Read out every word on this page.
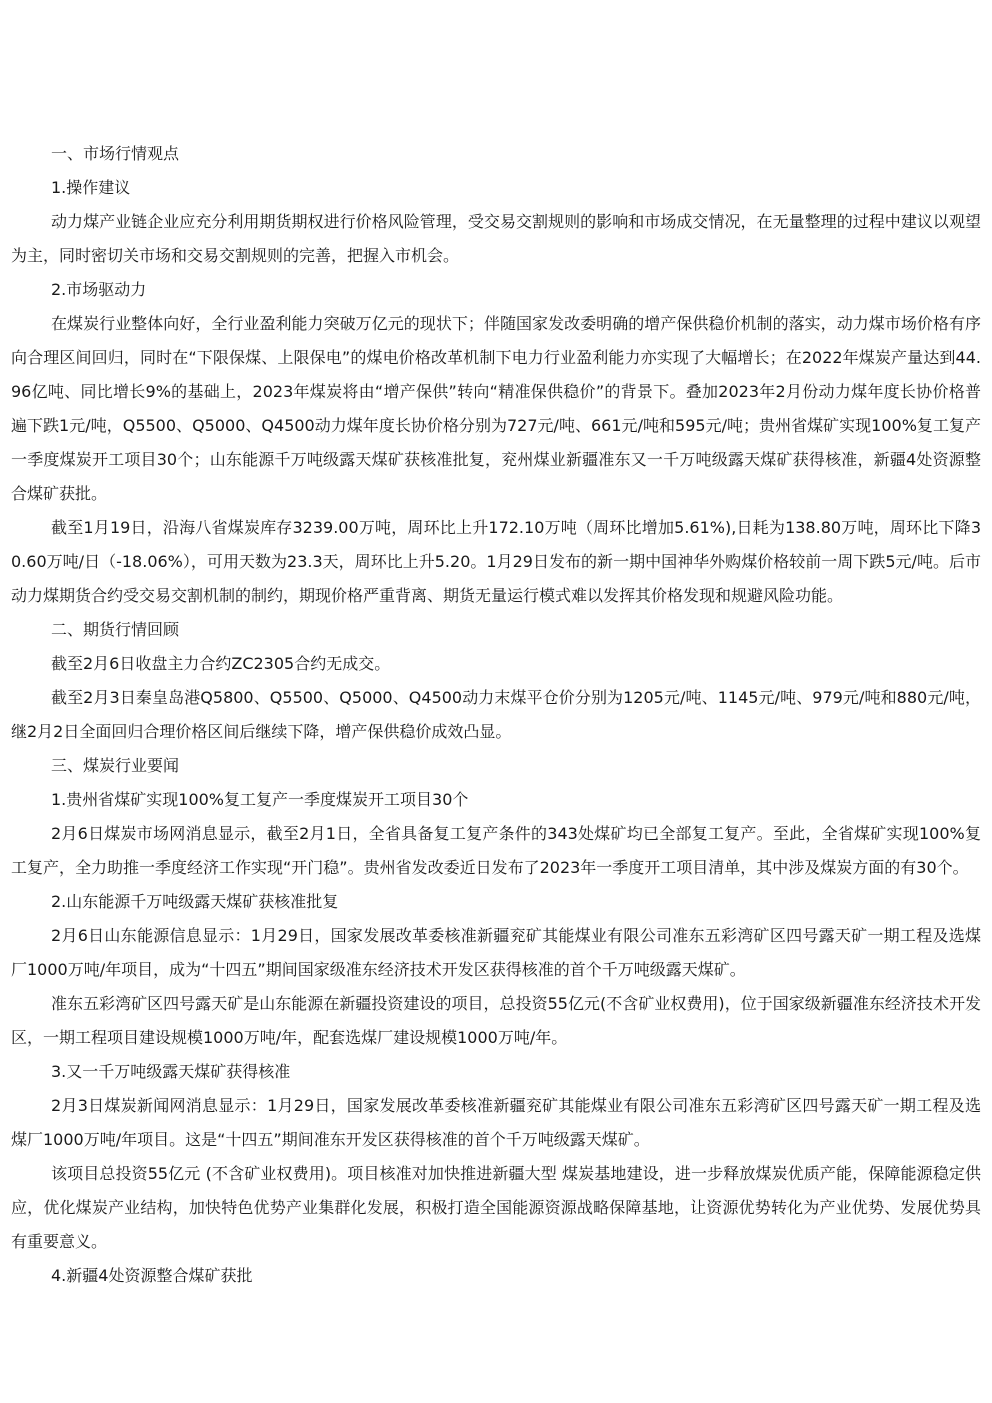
一、市场行情观点

1.操作建议

动力煤产业链企业应充分利用期货期权进行价格风险管理，受交易交割规则的影响和市场成交情况，在无量整理的过程中建议以观望为主，同时密切关市场和交易交割规则的完善，把握入市机会。

2.市场驱动力

在煤炭行业整体向好，全行业盈利能力突破万亿元的现状下；伴随国家发改委明确的增产保供稳价机制的落实，动力煤市场价格有序向合理区间回归，同时在“下限保煤、上限保电”的煤电价格改革机制下电力行业盈利能力亦实现了大幅增长；在2022年煤炭产量达到44.96亿吨、同比增长9%的基础上，2023年煤炭将由“增产保供”转向“精准保供稳价”的背景下。叠加2023年2月份动力煤年度长协价格普遍下跌1元/吨，Q5500、Q5000、Q4500动力煤年度长协价格分别为727元/吨、661元/吨和595元/吨；贵州省煤矿实现100%复工复产一季度煤炭开工项目30个；山东能源千万吨级露天煤矿获核准批复，兖州煤业新疆准东又一千万吨级露天煤矿获得核准，新疆4处资源整合煤矿获批。

截至1月19日，沿海八省煤炭库存3239.00万吨，周环比上升172.10万吨（周环比增加5.61%),日耗为138.80万吨，周环比下降30.60万吨/日（-18.06%），可用天数为23.3天，周环比上升5.20。1月29日发布的新一期中国神华外购煤价格较前一周下跌5元/吨。后市动力煤期货合约受交易交割机制的制约，期现价格严重背离、期货无量运行模式难以发挥其价格发现和规避风险功能。

二、期货行情回顾

截至2月6日收盘主力合约ZC2305合约无成交。

截至2月3日秦皇岛港Q5800、Q5500、Q5000、Q4500动力末煤平仓价分别为1205元/吨、1145元/吨、979元/吨和880元/吨，继2月2日全面回归合理价格区间后继续下降，增产保供稳价成效凸显。

三、煤炭行业要闻

1.贵州省煤矿实现100%复工复产一季度煤炭开工项目30个

2月6日煤炭市场网消息显示，截至2月1日，全省具备复工复产条件的343处煤矿均已全部复工复产。至此，全省煤矿实现100%复工复产，全力助推一季度经济工作实现“开门稳”。贵州省发改委近日发布了2023年一季度开工项目清单，其中涉及煤炭方面的有30个。

2.山东能源千万吨级露天煤矿获核准批复

2月6日山东能源信息显示：1月29日，国家发展改革委核准新疆兖矿其能煤业有限公司准东五彩湾矿区四号露天矿一期工程及选煤厂1000万吨/年项目，成为“十四五”期间国家级准东经济技术开发区获得核准的首个千万吨级露天煤矿。

准东五彩湾矿区四号露天矿是山东能源在新疆投资建设的项目，总投资55亿元(不含矿业权费用)，位于国家级新疆准东经济技术开发区，一期工程项目建设规模1000万吨/年，配套选煤厂建设规模1000万吨/年。

3.又一千万吨级露天煤矿获得核准

2月3日煤炭新闻网消息显示：1月29日，国家发展改革委核准新疆兖矿其能煤业有限公司准东五彩湾矿区四号露天矿一期工程及选煤厂1000万吨/年项目。这是“十四五”期间准东开发区获得核准的首个千万吨级露天煤矿。

该项目总投资55亿元 (不含矿业权费用)。项目核准对加快推进新疆大型 煤炭基地建设，进一步释放煤炭优质产能，保障能源稳定供应，优化煤炭产业结构，加快特色优势产业集群化发展，积极打造全国能源资源战略保障基地，让资源优势转化为产业优势、发展优势具有重要意义。

4.新疆4处资源整合煤矿获批
